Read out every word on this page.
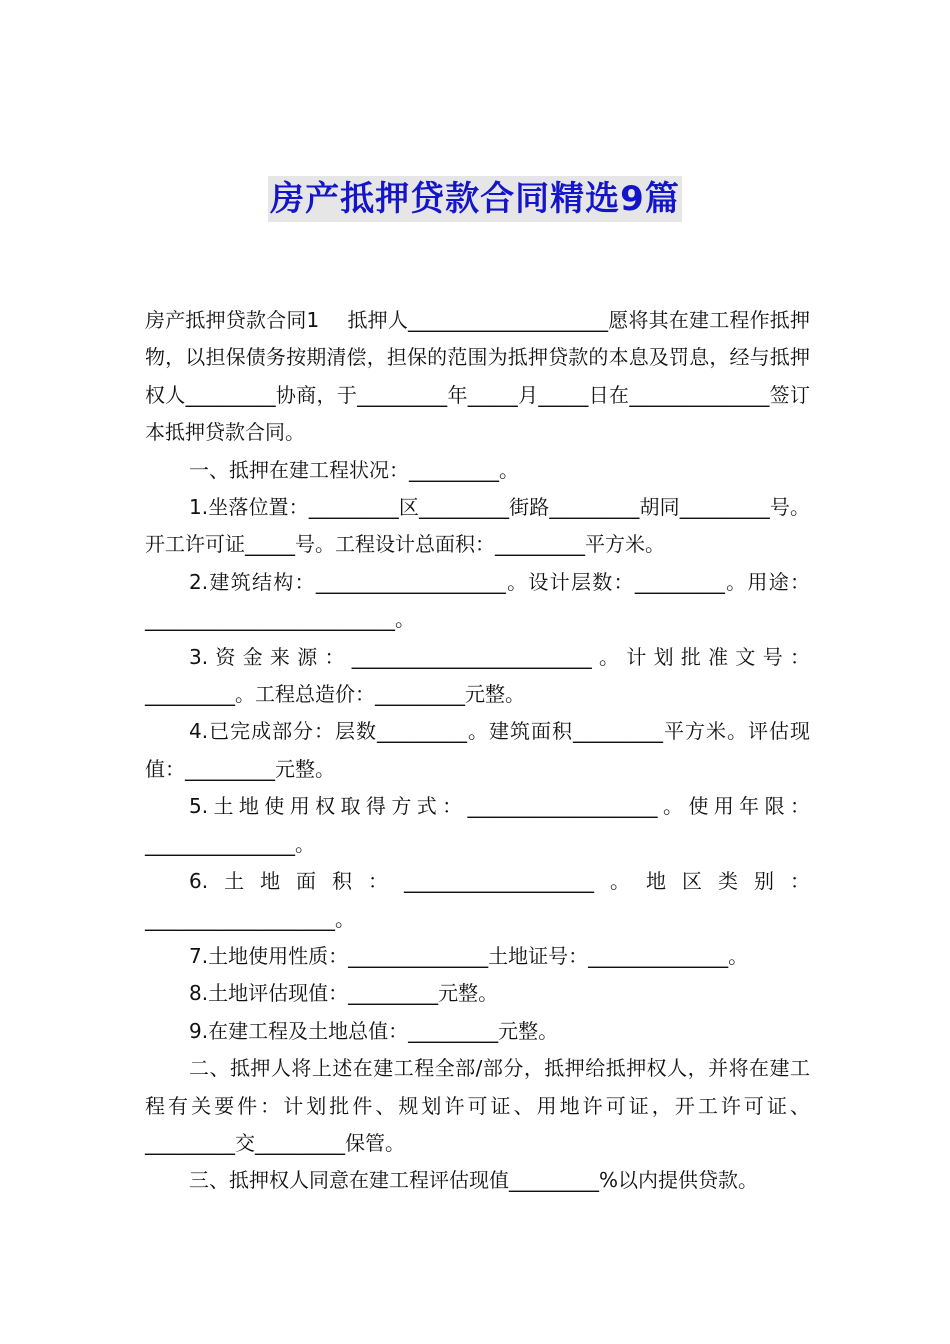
房产抵押贷款合同精选9篇

房产抵押贷款合同1 抵押人____________________愿将其在建工程作抵押物，以担保债务按期清偿，担保的范围为抵押贷款的本息及罚息，经与抵押权人_________协商，于_________年_____月_____日在______________签订本抵押贷款合同。

一、抵押在建工程状况：_________。

1.坐落位置：_________区_________街路_________胡同_________号。开工许可证_____号。工程设计总面积：_________平方米。

2.建筑结构：___________________。设计层数：_________。用途：_________________________。

3.资金来源：________________________。计划批准文号：_________。工程总造价：_________元整。

4.已完成部分：层数_________。建筑面积_________平方米。评估现值：_________元整。

5.土地使用权取得方式：___________________。使用年限：_______________。

6.土地面积：___________________。地区类别：___________________。

7.土地使用性质：______________土地证号：______________。

8.土地评估现值：_________元整。

9.在建工程及土地总值：_________元整。

二、抵押人将上述在建工程全部/部分，抵押给抵押权人，并将在建工程有关要件：计划批件、规划许可证、用地许可证，开工许可证、_________交_________保管。

三、抵押权人同意在建工程评估现值_________%以内提供贷款。
